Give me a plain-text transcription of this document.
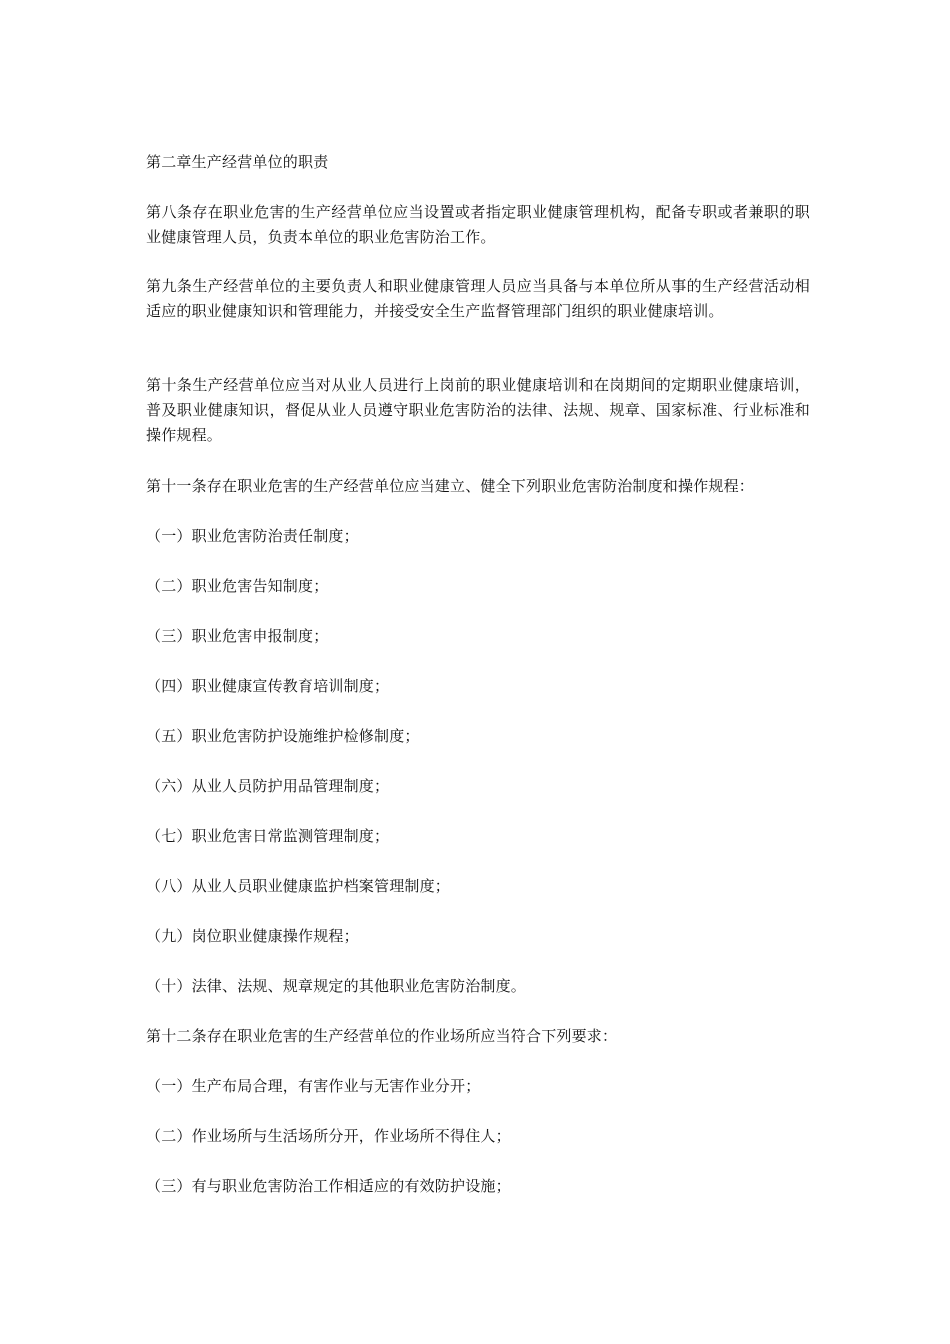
第二章生产经营单位的职责

第八条存在职业危害的生产经营单位应当设置或者指定职业健康管理机构，配备专职或者兼职的职业健康管理人员，负责本单位的职业危害防治工作。

第九条生产经营单位的主要负责人和职业健康管理人员应当具备与本单位所从事的生产经营活动相适应的职业健康知识和管理能力，并接受安全生产监督管理部门组织的职业健康培训。

第十条生产经营单位应当对从业人员进行上岗前的职业健康培训和在岗期间的定期职业健康培训，普及职业健康知识，督促从业人员遵守职业危害防治的法律、法规、规章、国家标准、行业标准和操作规程。

第十一条存在职业危害的生产经营单位应当建立、健全下列职业危害防治制度和操作规程：

（一）职业危害防治责任制度；

（二）职业危害告知制度；

（三）职业危害申报制度；

（四）职业健康宣传教育培训制度；

（五）职业危害防护设施维护检修制度；

（六）从业人员防护用品管理制度；

（七）职业危害日常监测管理制度；

（八）从业人员职业健康监护档案管理制度；

（九）岗位职业健康操作规程；

（十）法律、法规、规章规定的其他职业危害防治制度。

第十二条存在职业危害的生产经营单位的作业场所应当符合下列要求：

（一）生产布局合理，有害作业与无害作业分开；

（二）作业场所与生活场所分开，作业场所不得住人；

（三）有与职业危害防治工作相适应的有效防护设施；
